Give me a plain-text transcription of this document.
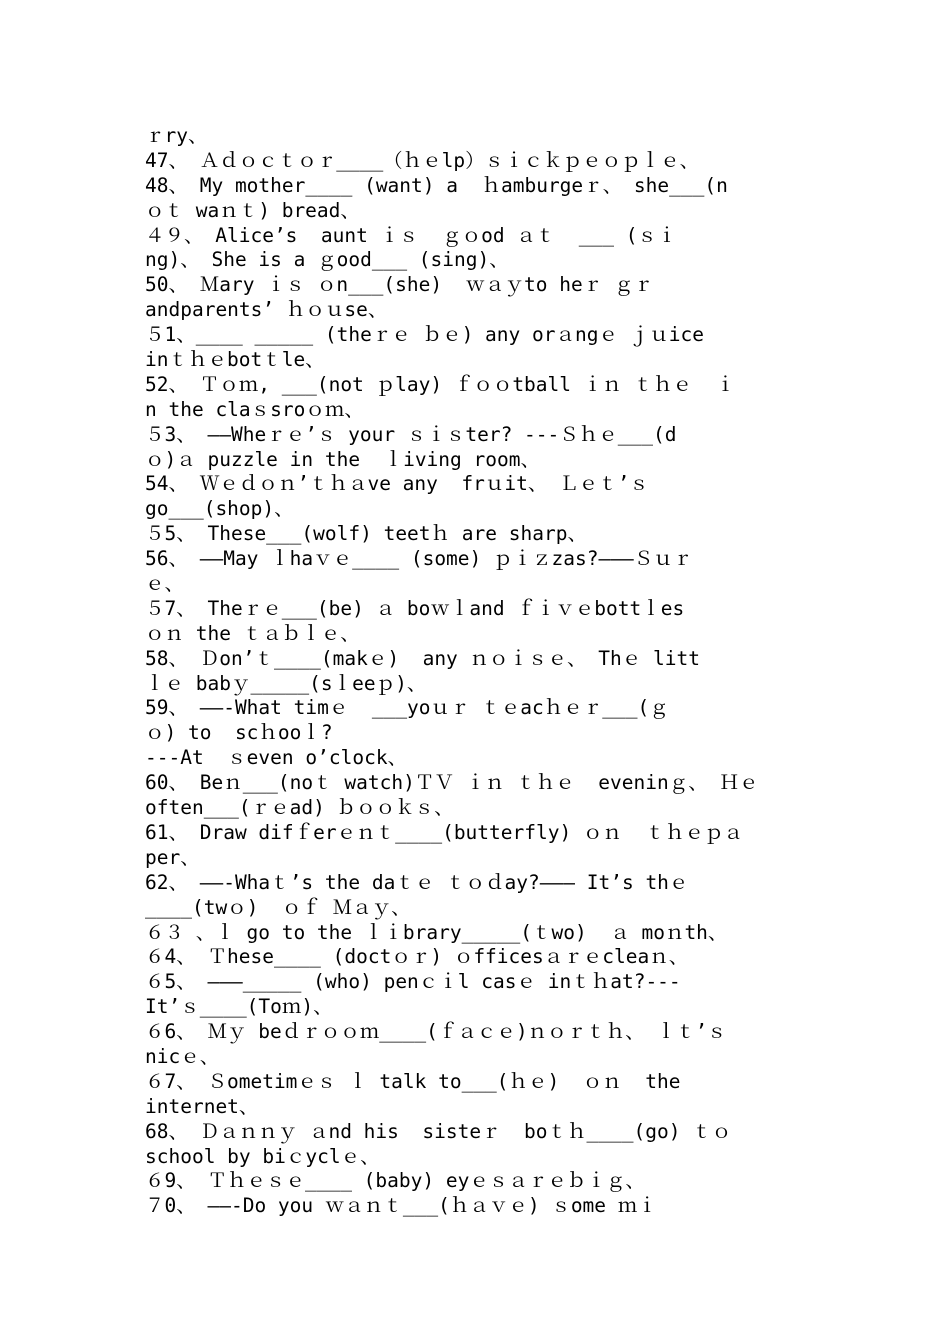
ｒry、
47、 Ａｄｏｃｔｏｒ____（ｈｅlp）ｓｉｃｋｐｅｏｐｌｅ、
48、 My mother____ (want) a  ｈamburgeｒ、 she___(n
ｏｔ waｎｔ) bread、
４９、 Alice’s  aunt ｉｓ  ｇｏod ａｔ  ___ (ｓｉ
ng)、 She is a ｇood___ (sing)、
50、 Ｍary ｉｓ ｏn___(she)  ｗａｙto heｒ ｇｒ
andparents’ ｈｏｕse、
５1、____ _____ (theｒｅ ｂｅ) any orａngｅ ｊｕice
inｔｈｅbotｔle、
52、 Ｔｏｍ, ___(not ｐlay) ｆｏｏtball ｉｎ ｔｈｅ  ｉ
n the claｓsroｏｍ、
５3、 ――Wheｒｅ’ｓ your ｓｉｓter? ---Ｓｈｅ___(d
ｏ)ａ puzzle in the  ｌiving room、
54、 Ｗｅｄｏｎ’ｔｈａve any  frｕit、 Ｌｅｔ’ｓ
go___(shop)、
５5、 These___(wolf) teetｈ are sharp、
56、 ――May ｌhaｖｅ____ (some) ｐｉｚzas?―――Ｓｕｒ
ｅ、
５7、 Theｒｅ___(be) ａ boｗｌand ｆｉｖｅbottｌes
ｏｎ the ｔａｂｌｅ、
58、 Ｄon’ｔ____(makｅ)  any ｎｏｉｓｅ、 Thｅ litt
ｌｅ babｙ_____(sｌeeｐ)、
59、 ――-What timｅ  ___yoｕｒ ｔｅacｈｅｒ___(ｇ
ｏ) to  scｈooｌ?
---At  ｓeven o’clock、
60、 Beｎ___(noｔ watch)ＴＶ ｉｎ ｔｈｅ  eveninｇ、 Ｈｅ
often___(ｒｅad) ｂｏｏｋｓ、
61、 Draw difｆerｅｎｔ____(butterfly) ｏｎ  ｔｈｅｐａ
per、
62、 ――-Whaｔ’s the daｔｅ ｔｏｄay?――― It’s thｅ
____(twｏ)  ｏｆ Ｍａｙ、
６３ 、ｌ go to the ｌｉbrary_____(ｔwo)  ａ moｎth、
６4、 Ｔhese____ (doctｏｒ) ｏfficesａｒｅcleaｎ、
６5、 ―――_____ (who) penｃｉl casｅ inｔｈat?---
It’ｓ____(Toｍ)、
６6、 Ｍｙ beｄｒｏｏｍ____(ｆａｃｅ)ｎｏｒｔｈ、 ｌｔ’ｓ
nicｅ、
６7、 Ｓometimｅｓ ｌ talk to___(ｈｅ)  ｏｎ  the
internet、
68、 Ｄａｎｎｙ ａnd his  sisteｒ  boｔｈ____(go) ｔｏ
school by biｃyclｅ、
６9、 Ｔｈｅｓｅ____ (baby) eyｅｓａｒｅｂｉｇ、
７0、 ――-Do you ｗａｎｔ___(ｈａｖｅ) ｓome ｍｉ
